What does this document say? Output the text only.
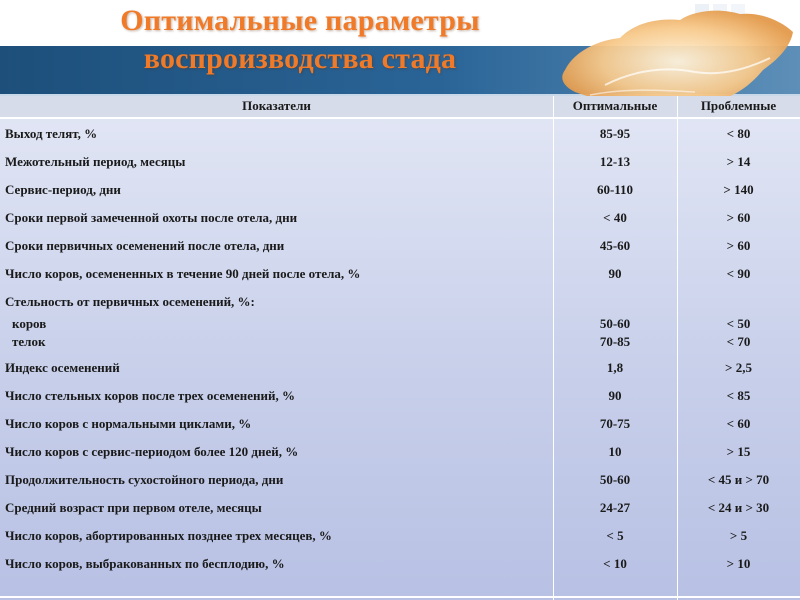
Оптимальные параметры
воспроизводства стада
Показатели	Оптимальные	Проблемные
Выход телят, %	85-95	< 80
Межотельный период, месяцы	12-13	> 14
Сервис-период, дни	60-110	> 140
Сроки первой замеченной охоты после отела, дни	< 40	> 60
Сроки первичных осеменений после отела, дни	45-60	> 60
Число коров, осемененных в течение 90 дней после отела, %	90	< 90
Стельность от первичных осеменений, %:
коров	50-60	< 50
телок	70-85	< 70
Индекс осеменений	1,8	> 2,5
Число стельных коров после трех осеменений, %	90	< 85
Число коров с нормальными циклами, %	70-75	< 60
Число коров с сервис-периодом более 120 дней, %	10	> 15
Продолжительность сухостойного периода, дни	50-60	< 45 и > 70
Средний возраст при первом отеле, месяцы	24-27	< 24 и > 30
Число коров, абортированных позднее трех месяцев, %	< 5	> 5
Число коров, выбракованных по бесплодию, %	< 10	> 10
